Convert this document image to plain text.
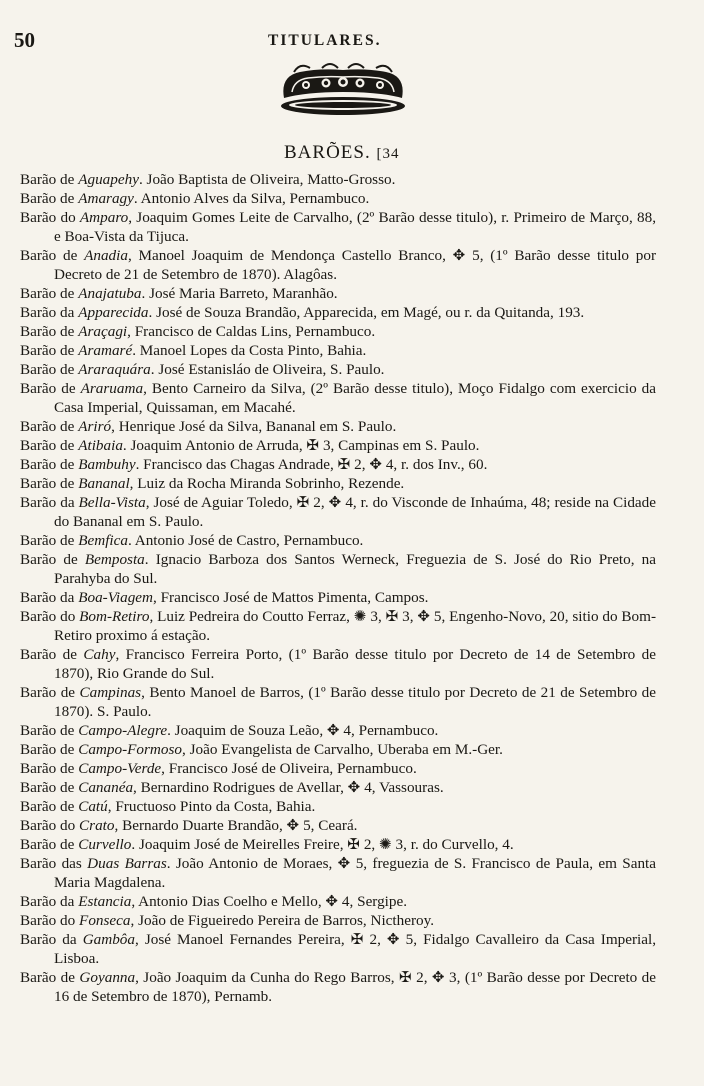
50	TITULARES.
BARÕES. [34

Barão de Aguapehy. João Baptista de Oliveira, Matto-Grosso.

Barão de Amaragy. Antonio Alves da Silva, Pernambuco.

Barão do Amparo, Joaquim Gomes Leite de Carvalho, (2º Barão desse titulo), r. Primeiro de Março, 88, e Boa-Vista da Tijuca.

Barão de Anadia, Manoel Joaquim de Mendonça Castello Branco, ✥ 5, (1º Barão desse titulo por Decreto de 21 de Setembro de 1870). Alagôas.

Barão de Anajatuba. José Maria Barreto, Maranhão.

Barão da Apparecida. José de Souza Brandão, Apparecida, em Magé, ou r. da Quitanda, 193.

Barão de Araçagi, Francisco de Caldas Lins, Pernambuco.

Barão de Aramaré. Manoel Lopes da Costa Pinto, Bahia.

Barão de Araraquára. José Estanisláo de Oliveira, S. Paulo.

Barão de Araruama, Bento Carneiro da Silva, (2º Barão desse titulo), Moço Fidalgo com exercicio da Casa Imperial, Quissaman, em Macahé.

Barão de Ariró, Henrique José da Silva, Bananal em S. Paulo.

Barão de Atibaia. Joaquim Antonio de Arruda, ✠ 3, Campinas em S. Paulo.

Barão de Bambuhy. Francisco das Chagas Andrade, ✠ 2, ✥ 4, r. dos Inv., 60.

Barão de Bananal, Luiz da Rocha Miranda Sobrinho, Rezende.

Barão da Bella-Vista, José de Aguiar Toledo, ✠ 2, ✥ 4, r. do Visconde de Inhaúma, 48; reside na Cidade do Bananal em S. Paulo.

Barão de Bemfica. Antonio José de Castro, Pernambuco.

Barão de Bemposta. Ignacio Barboza dos Santos Werneck, Freguezia de S. José do Rio Preto, na Parahyba do Sul.

Barão da Boa-Viagem, Francisco José de Mattos Pimenta, Campos.

Barão do Bom-Retiro, Luiz Pedreira do Coutto Ferraz, ✺ 3, ✠ 3, ✥ 5, Engenho-Novo, 20, sitio do Bom-Retiro proximo á estação.

Barão de Cahy, Francisco Ferreira Porto, (1º Barão desse titulo por Decreto de 14 de Setembro de 1870), Rio Grande do Sul.

Barão de Campinas, Bento Manoel de Barros, (1º Barão desse titulo por Decreto de 21 de Setembro de 1870). S. Paulo.

Barão de Campo-Alegre. Joaquim de Souza Leão, ✥ 4, Pernambuco.

Barão de Campo-Formoso, João Evangelista de Carvalho, Uberaba em M.-Ger.

Barão de Campo-Verde, Francisco José de Oliveira, Pernambuco.

Barão de Cananéa, Bernardino Rodrigues de Avellar, ✥ 4, Vassouras.

Barão de Catú, Fructuoso Pinto da Costa, Bahia.

Barão do Crato, Bernardo Duarte Brandão, ✥ 5, Ceará.

Barão de Curvello. Joaquim José de Meirelles Freire, ✠ 2, ✺ 3, r. do Curvello, 4.

Barão das Duas Barras. João Antonio de Moraes, ✥ 5, freguezia de S. Francisco de Paula, em Santa Maria Magdalena.

Barão da Estancia, Antonio Dias Coelho e Mello, ✥ 4, Sergipe.

Barão do Fonseca, João de Figueiredo Pereira de Barros, Nictheroy.

Barão da Gambôa, José Manoel Fernandes Pereira, ✠ 2, ✥ 5, Fidalgo Cavalleiro da Casa Imperial, Lisboa.

Barão de Goyanna, João Joaquim da Cunha do Rego Barros, ✠ 2, ✥ 3, (1º Barão desse por Decreto de 16 de Setembro de 1870), Pernamb.
